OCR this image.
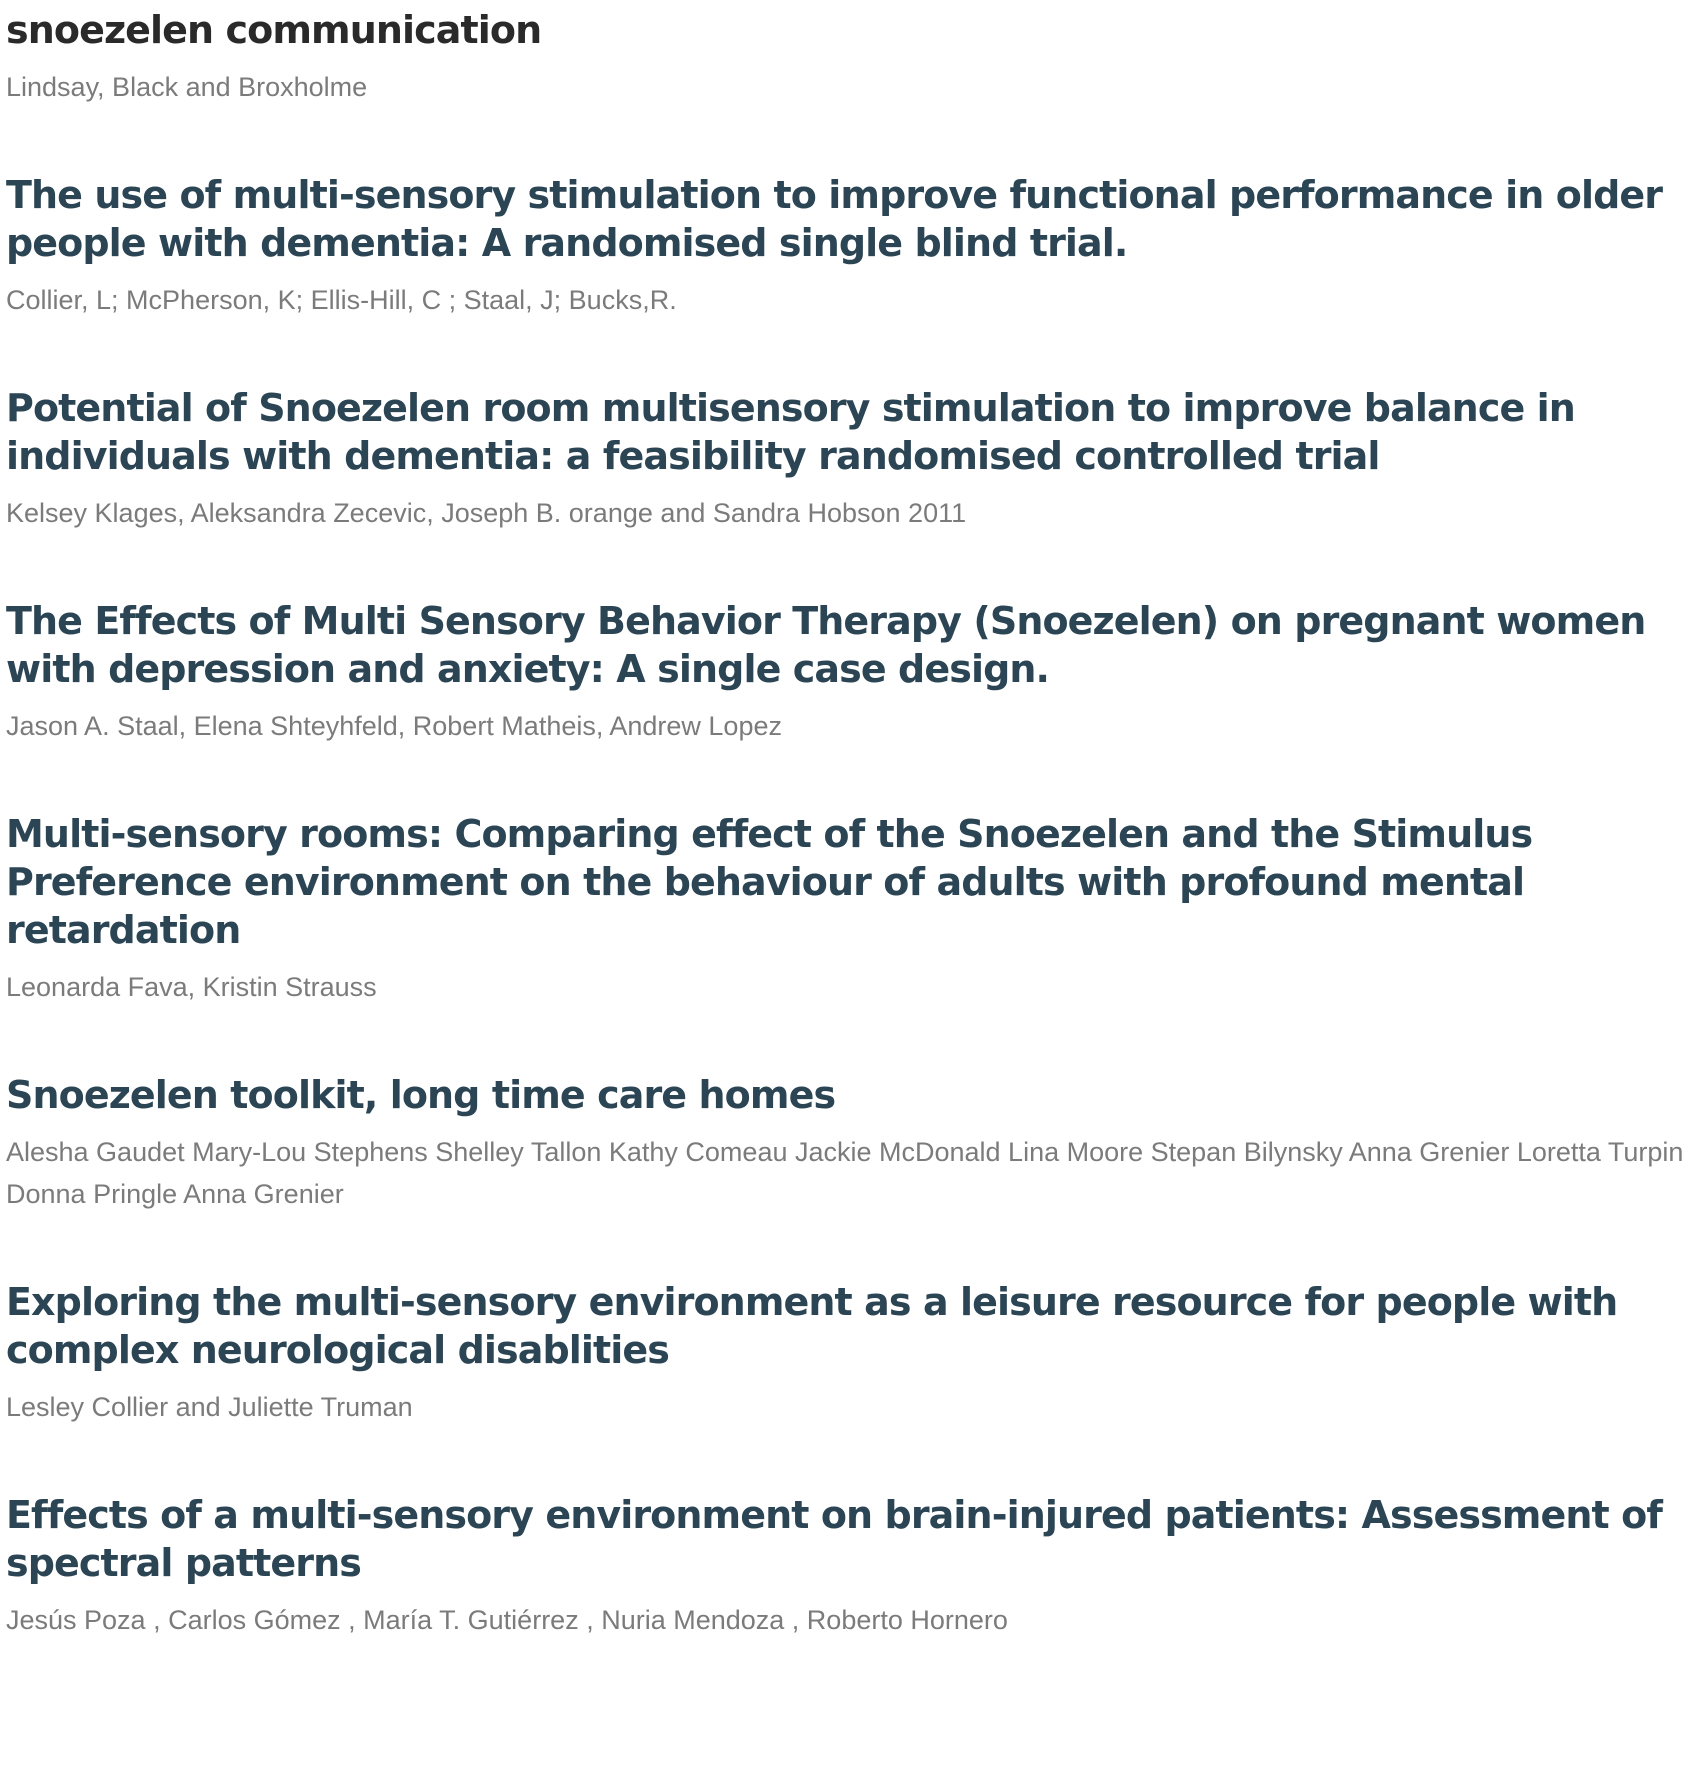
snoezelen communication
Lindsay, Black and Broxholme
The use of multi-sensory stimulation to improve functional performance in older people with dementia: A randomised single blind trial.
Collier, L; McPherson, K; Ellis-Hill, C ; Staal, J; Bucks,R.
Potential of Snoezelen room multisensory stimulation to improve balance in individuals with dementia: a feasibility randomised controlled trial
Kelsey Klages, Aleksandra Zecevic, Joseph B. orange and Sandra Hobson 2011
The Effects of Multi Sensory Behavior Therapy (Snoezelen) on pregnant women with depression and anxiety: A single case design.
Jason A. Staal, Elena Shteyhfeld, Robert Matheis, Andrew Lopez
Multi-sensory rooms: Comparing effect of the Snoezelen and the Stimulus Preference environment on the behaviour of adults with profound mental retardation
Leonarda Fava, Kristin Strauss
Snoezelen toolkit, long time care homes
Alesha Gaudet Mary-Lou Stephens Shelley Tallon Kathy Comeau Jackie McDonald Lina Moore Stepan Bilynsky Anna Grenier Loretta Turpin Donna Pringle Anna Grenier
Exploring the multi-sensory environment as a leisure resource for people with complex neurological disablities
Lesley Collier and Juliette Truman
Effects of a multi-sensory environment on brain-injured patients: Assessment of spectral patterns
Jesús Poza , Carlos Gómez , María T. Gutiérrez , Nuria Mendoza , Roberto Hornero
